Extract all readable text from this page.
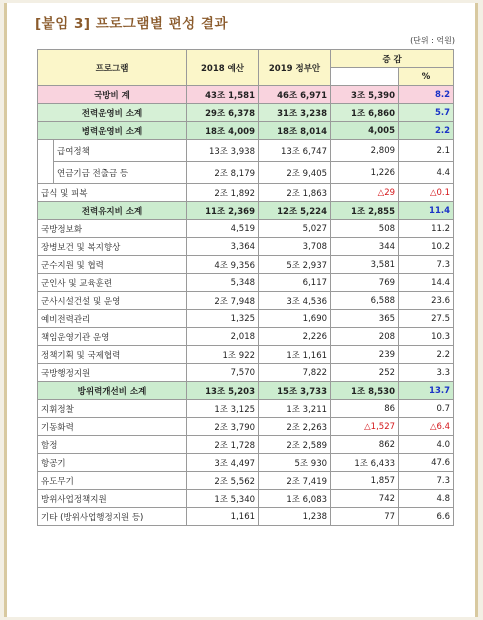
[붙임 3] 프로그램별 편성 결과
(단위 : 억원)
프로그램		2018 예산	2019 정부안	증 감	
					%
국방비 계		43조 1,581	46조 6,971	3조 5,390	8.2
전력운영비 소계		29조 6,378	31조 3,238	1조 6,860	5.7
병력운영비 소계		18조 4,009	18조 8,014	4,005	2.2
	급여정책	13조 3,938	13조 6,747	2,809	2.1
	연금기금 전출금 등	2조 8,179	2조 9,405	1,226	4.4
급식 및 피복		2조 1,892	2조 1,863	△29	△0.1
전력유지비 소계		11조 2,369	12조 5,224	1조 2,855	11.4
국방정보화		4,519	5,027	508	11.2
장병보건 및 복지향상		3,364	3,708	344	10.2
군수지원 및 협력		4조 9,356	5조 2,937	3,581	7.3
군인사 및 교육훈련		5,348	6,117	769	14.4
군사시설건설 및 운영		2조 7,948	3조 4,536	6,588	23.6
예비전력관리		1,325	1,690	365	27.5
책임운영기관 운영		2,018	2,226	208	10.3
정책기획 및 국제협력		1조 922	1조 1,161	239	2.2
국방행정지원		7,570	7,822	252	3.3
방위력개선비 소계		13조 5,203	15조 3,733	1조 8,530	13.7
지휘정찰		1조 3,125	1조 3,211	86	0.7
기동화력		2조 3,790	2조 2,263	△1,527	△6.4
함정		2조 1,728	2조 2,589	862	4.0
항공기		3조 4,497	5조 930	1조 6,433	47.6
유도무기		2조 5,562	2조 7,419	1,857	7.3
방위사업정책지원		1조 5,340	1조 6,083	742	4.8
기타 (방위사업행정지원 등)		1,161	1,238	77	6.6
